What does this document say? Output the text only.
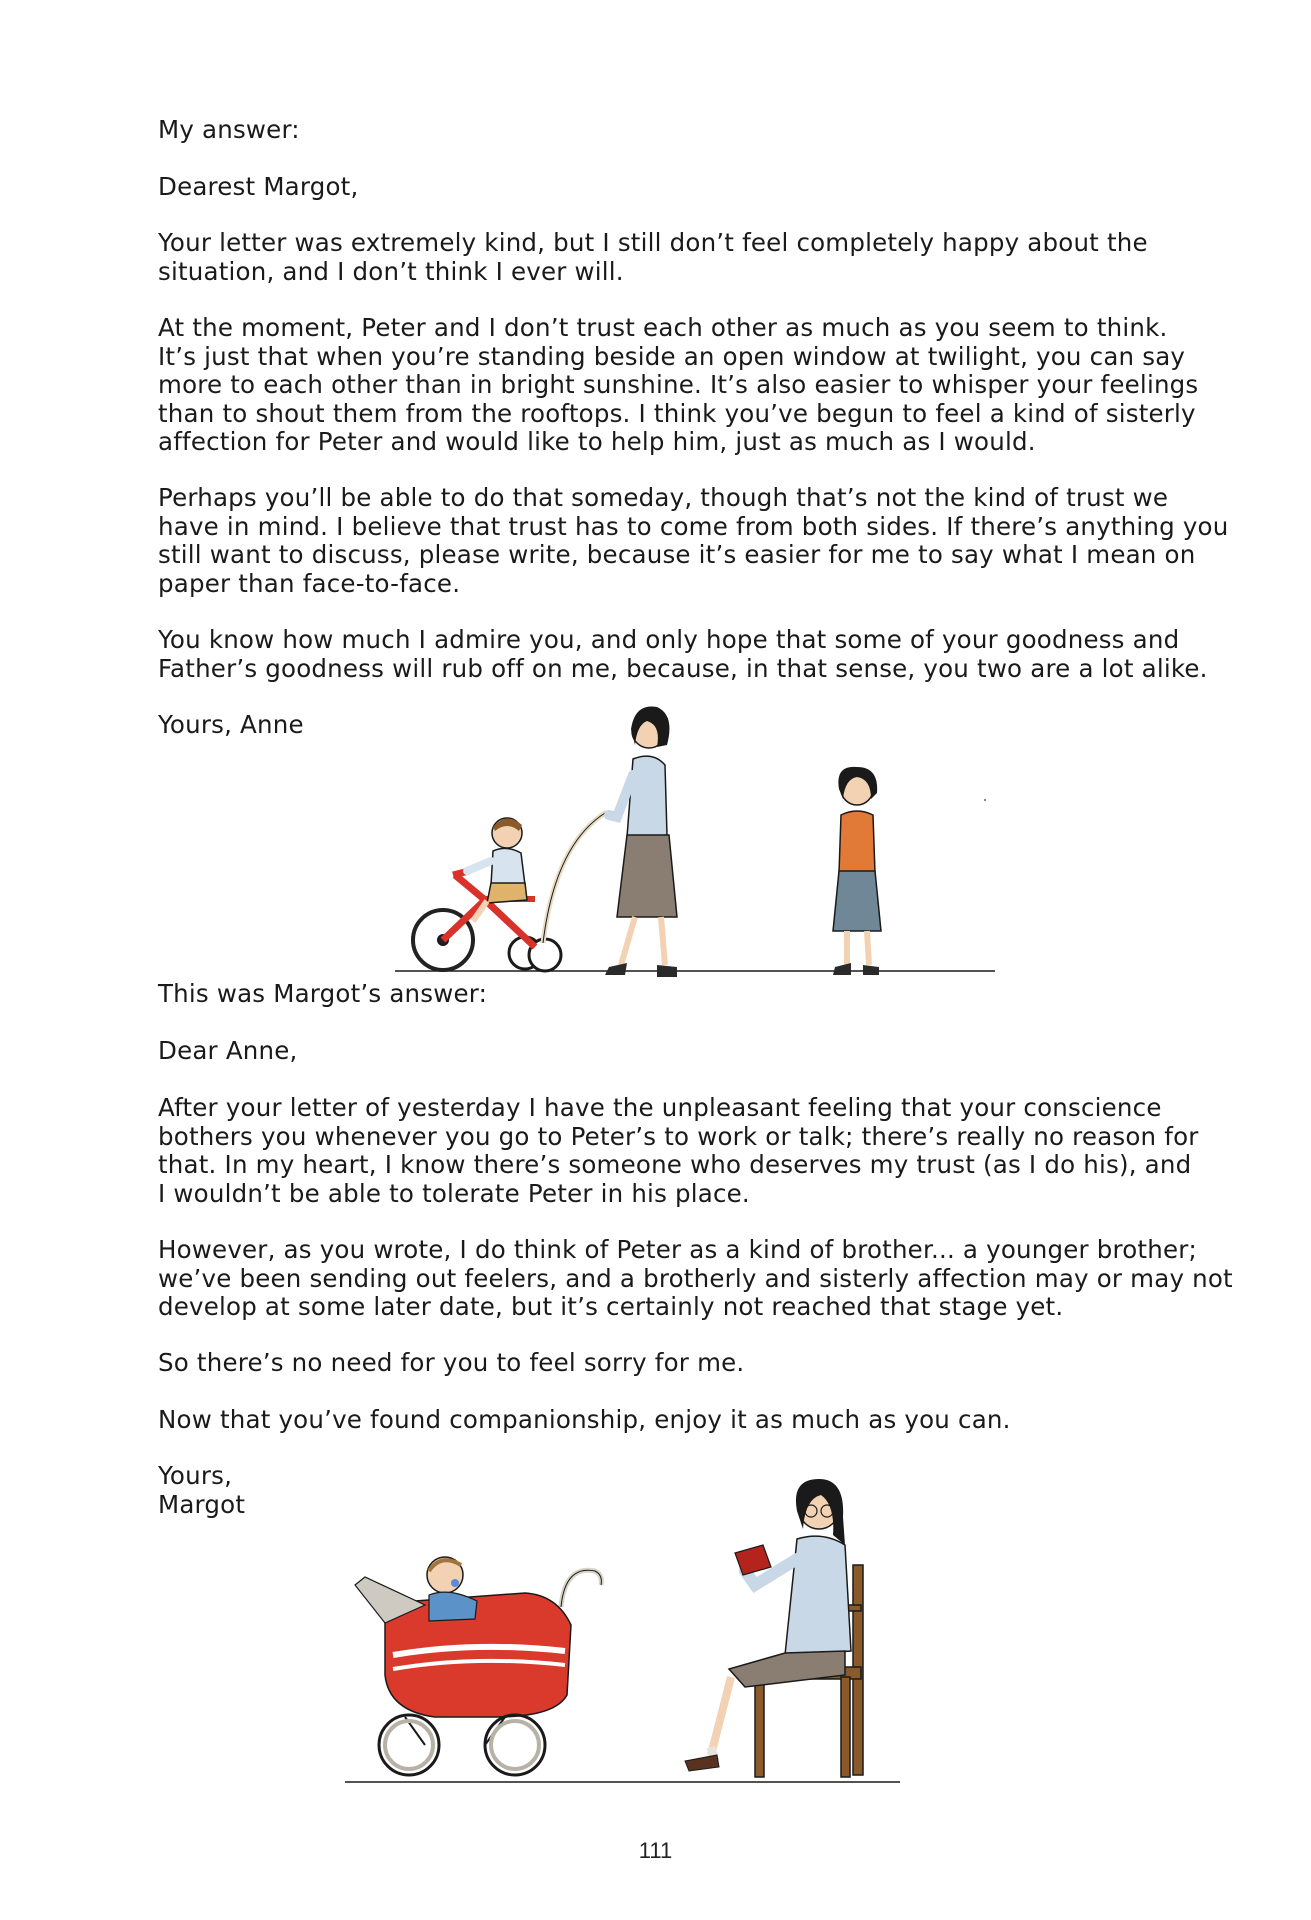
My answer:
Dearest Margot,
Your letter was extremely kind, but I still don’t feel completely happy about the
situation, and I don’t think I ever will.
At the moment, Peter and I don’t trust each other as much as you seem to think.
It’s just that when you’re standing beside an open window at twilight, you can say
more to each other than in bright sunshine. It’s also easier to whisper your feelings
than to shout them from the rooftops. I think you’ve begun to feel a kind of sisterly
affection for Peter and would like to help him, just as much as I would.
Perhaps you’ll be able to do that someday, though that’s not the kind of trust we
have in mind. I believe that trust has to come from both sides. If there’s anything you
still want to discuss, please write, because it’s easier for me to say what I mean on
paper than face-to-face.
You know how much I admire you, and only hope that some of your goodness and
Father’s goodness will rub off on me, because, in that sense, you two are a lot alike.
Yours, Anne
This was Margot’s answer:
Dear Anne,
After your letter of yesterday I have the unpleasant feeling that your conscience
bothers you whenever you go to Peter’s to work or talk; there’s really no reason for
that. In my heart, I know there’s someone who deserves my trust (as I do his), and
I wouldn’t be able to tolerate Peter in his place.
However, as you wrote, I do think of Peter as a kind of brother... a younger brother;
we’ve been sending out feelers, and a brotherly and sisterly affection may or may not
develop at some later date, but it’s certainly not reached that stage yet.
So there’s no need for you to feel sorry for me.
Now that you’ve found companionship, enjoy it as much as you can.
Yours,
Margot
111
